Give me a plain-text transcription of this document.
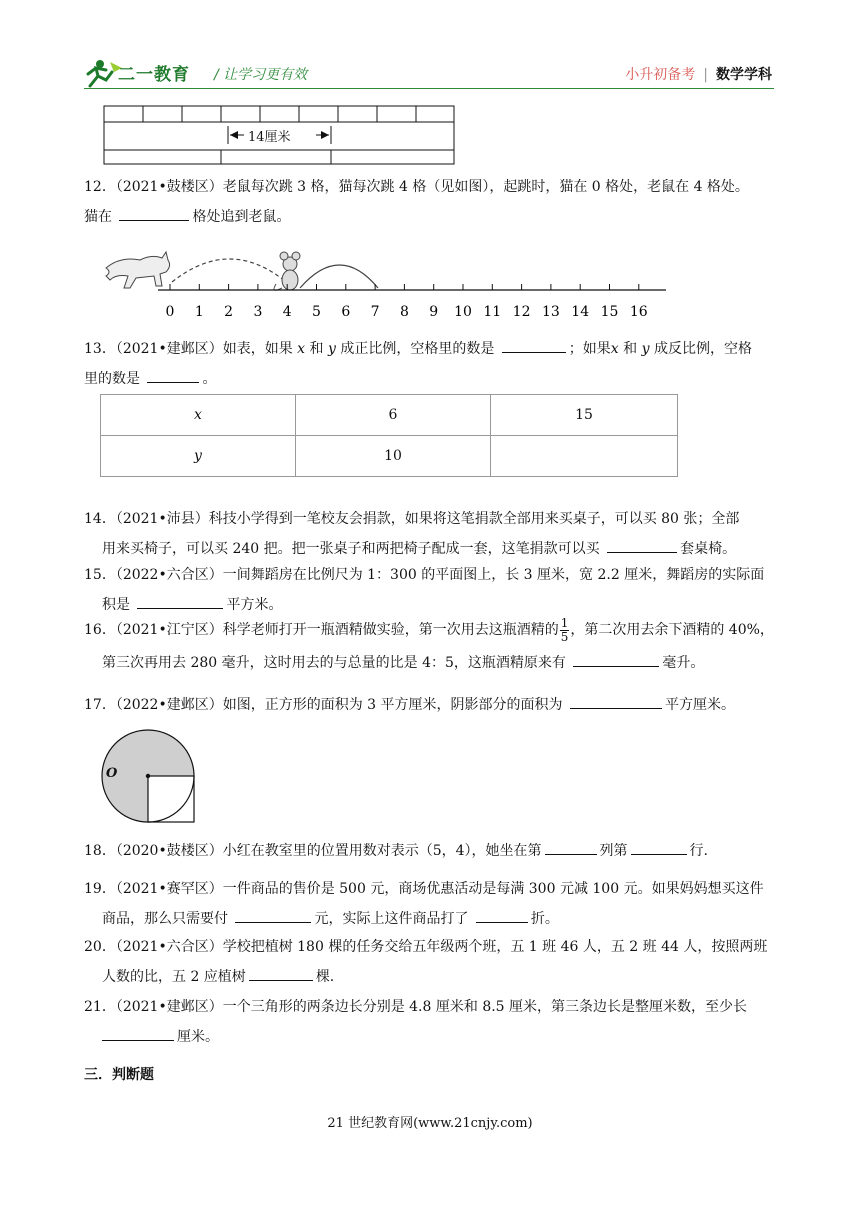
二一教育 / 让学习更有效	小升初备考 | 数学学科
14厘米
12．（2021•鼓楼区）老鼠每次跳 3 格，猫每次跳 4 格（见如图），起跳时，猫在 0 格处，老鼠在 4 格处。
猫在	格处追到老鼠。
0 1 2 3 4 5 6 7 8 9 10 11 12 13 14 15 16
13．（2021•建邺区）如表，如果 x 和 y 成正比例，空格里的数是	；如果x 和 y 成反比例，空格
里的数是	。
x	6	15
y	10	
14．（2021•沛县）科技小学得到一笔校友会捐款，如果将这笔捐款全部用来买桌子，可以买 80 张；全部
用来买椅子，可以买 240 把。把一张桌子和两把椅子配成一套，这笔捐款可以买	套桌椅。
15．（2022•六合区）一间舞蹈房在比例尺为 1：300 的平面图上，长 3 厘米，宽 2.2 厘米，舞蹈房的实际面
积是	平方米。
16．（2021•江宁区）科学老师打开一瓶酒精做实验，第一次用去这瓶酒精的 $\frac{1}{5}$ ，第二次用去余下酒精的 40%，
第三次再用去 280 毫升，这时用去的与总量的比是 4：5，这瓶酒精原来有	毫升。
17．（2022•建邺区）如图，正方形的面积为 3 平方厘米，阴影部分的面积为	平方厘米。
O
18．（2020•鼓楼区）小红在教室里的位置用数对表示（5，4），她坐在第	列第	行.
19．（2021•赛罕区）一件商品的售价是 500 元，商场优惠活动是每满 300 元减 100 元。如果妈妈想买这件
商品，那么只需要付	元，实际上这件商品打了	折。
20．（2021•六合区）学校把植树 180 棵的任务交给五年级两个班，五 1 班 46 人，五 2 班 44 人，按照两班
人数的比，五 2 应植树	棵.
21．（2021•建邺区）一个三角形的两条边长分别是 4.8 厘米和 8.5 厘米，第三条边长是整厘米数，至少长
厘米。
三．判断题
21 世纪教育网(www.21cnjy.com)
